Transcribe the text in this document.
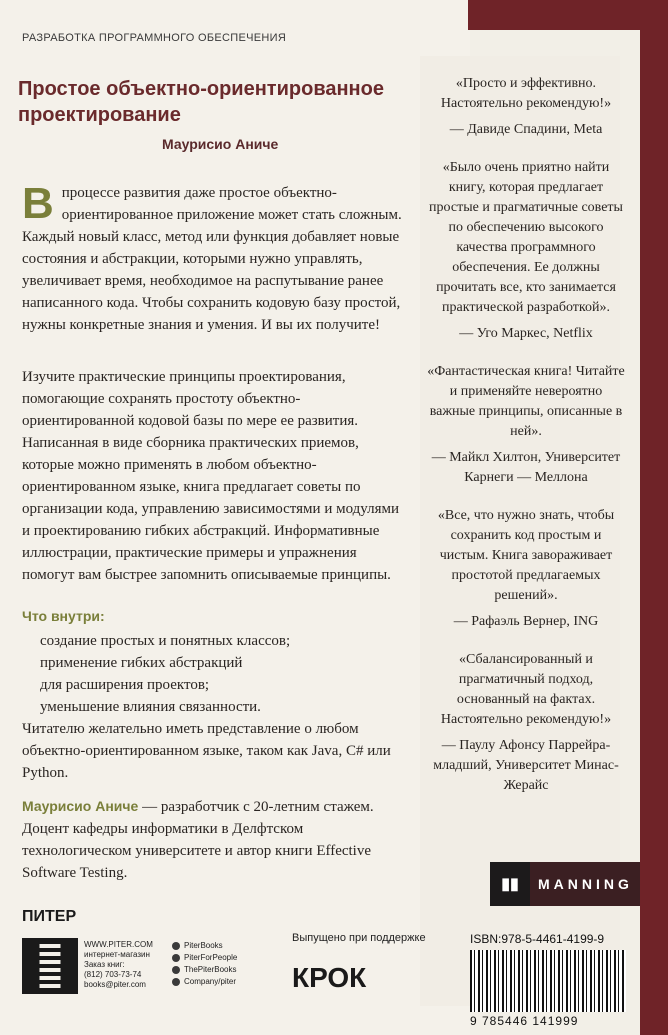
РАЗРАБОТКА ПРОГРАММНОГО ОБЕСПЕЧЕНИЯ
Простое объектно-ориентированное проектирование
Маурисио Аниче
В процессе развития даже простое объектно-ориентированное приложение может стать сложным. Каждый новый класс, метод или функция добавляет новые состояния и абстракции, которыми нужно управлять, увеличивает время, необходимое на распутывание ранее написанного кода. Чтобы сохранить кодовую базу простой, нужны конкретные знания и умения. И вы их получите!
Изучите практические принципы проектирования, помогающие сохранять простоту объектно-ориентированной кодовой базы по мере ее развития. Написанная в виде сборника практических приемов, которые можно применять в любом объектно-ориентированном языке, книга предлагает советы по организации кода, управлению зависимостями и модулями и проектированию гибких абстракций. Информативные иллюстрации, практические примеры и упражнения помогут вам быстрее запомнить описываемые принципы.
Что внутри:
создание простых и понятных классов;
применение гибких абстракций
для расширения проектов;
уменьшение влияния связанности.
Читателю желательно иметь представление о любом объектно-ориентированном языке, таком как Java, C# или Python.
Маурисио Аниче — разработчик с 20-летним стажем. Доцент кафедры информатики в Делфтском технологическом университете и автор книги Effective Software Testing.
«Просто и эффективно. Настоятельно рекомендую!»
— Давиде Спадини, Meta
«Было очень приятно найти книгу, которая предлагает простые и прагматичные советы по обеспечению высокого качества программного обеспечения. Ее должны прочитать все, кто занимается практической разработкой».
— Уго Маркес, Netflix
«Фантастическая книга! Читайте и применяйте невероятно важные принципы, описанные в ней».
— Майкл Хилтон, Университет Карнеги — Меллона
«Все, что нужно знать, чтобы сохранить код простым и чистым. Книга завораживает простотой предлагаемых решений».
— Рафаэль Вернер, ING
«Сбалансированный и прагматичный подход, основанный на фактах. Настоятельно рекомендую!»
— Паулу Афонсу Паррейра-младший, Университет Минас-Жерайс
▮▮	MANNING
ПИТЕР
WWW.PITER.COM
интернет-магазин
Заказ книг:
(812) 703-73-74
books@piter.com
PiterBooks
PiterForPeople
ThePiterBooks
Company/piter
Выпущено при поддержке
КРОК
ISBN:978-5-4461-4199-9
9 785446 141999
